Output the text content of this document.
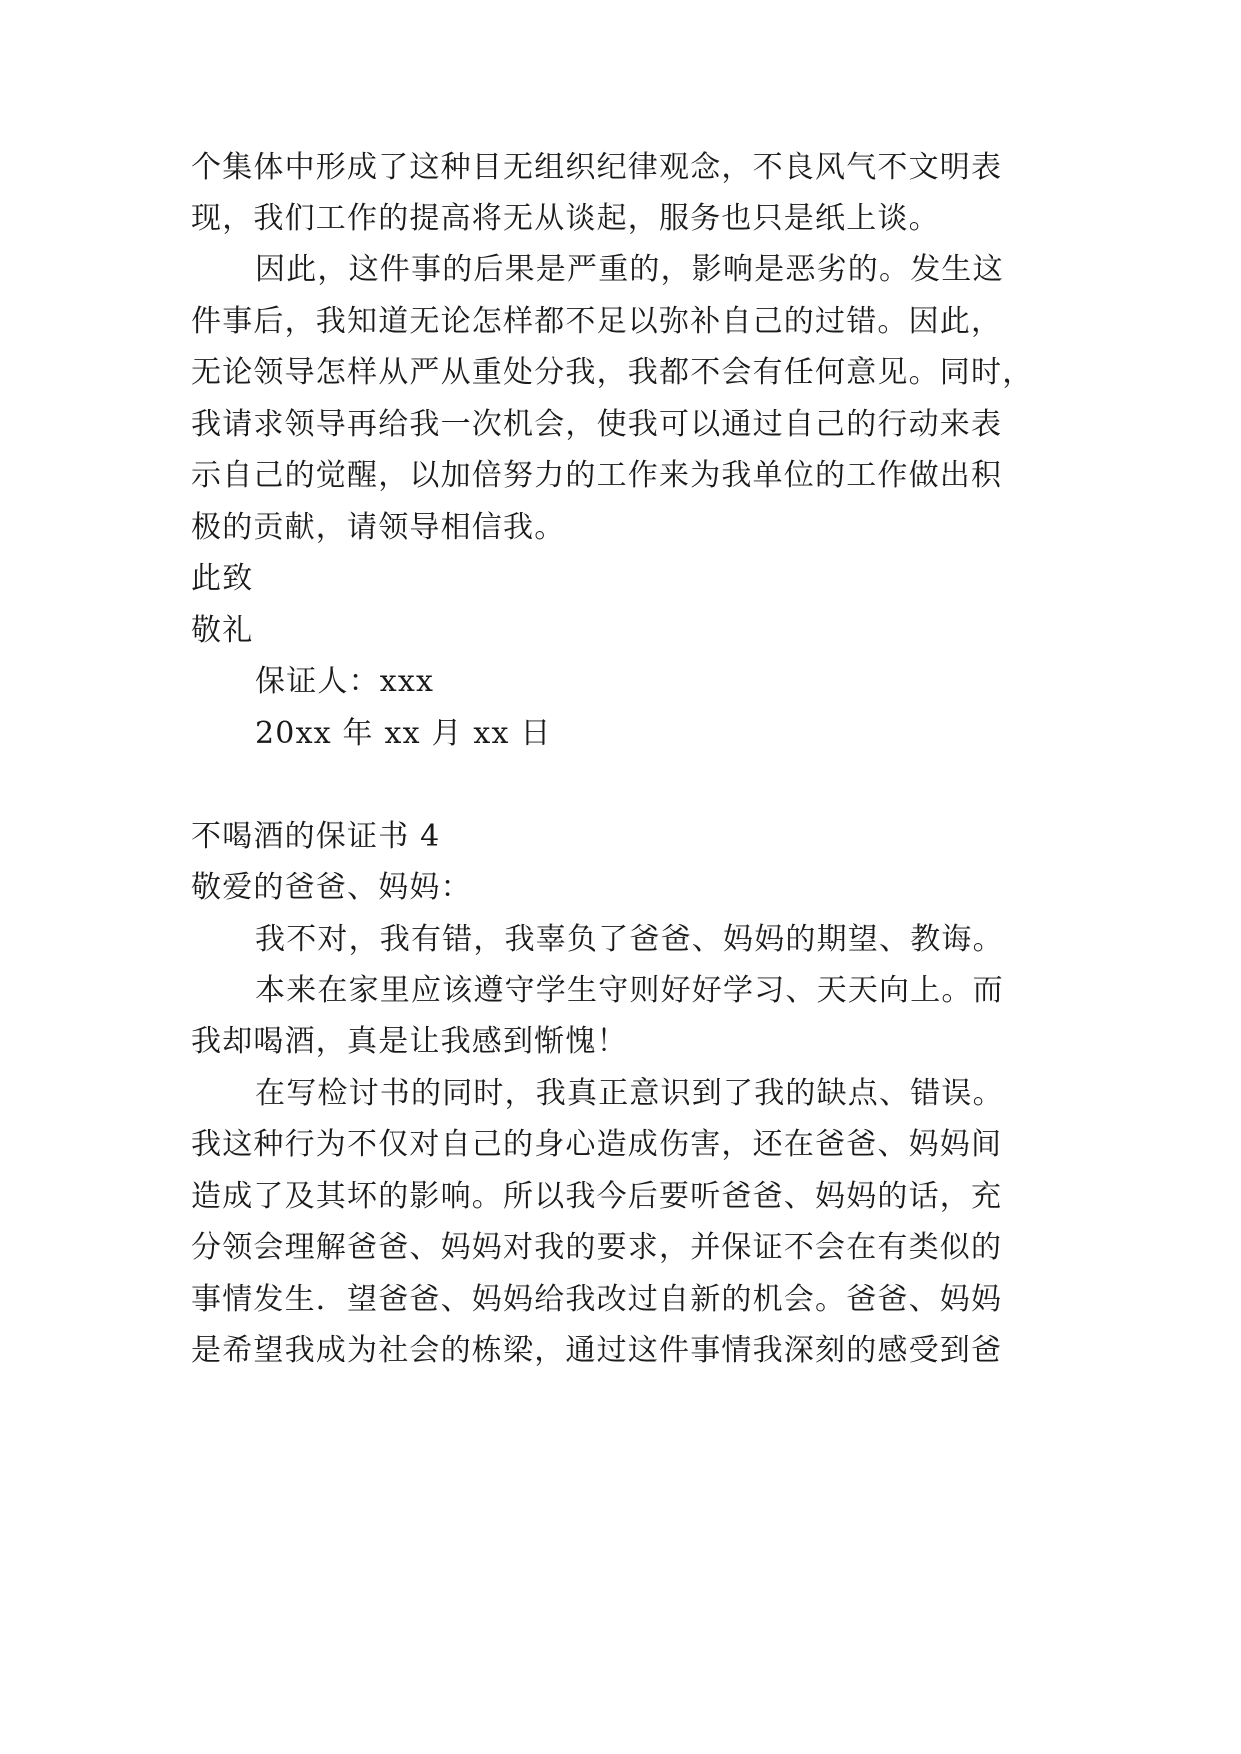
个集体中形成了这种目无组织纪律观念，不良风气不文明表
现，我们工作的提高将无从谈起，服务也只是纸上谈。
因此，这件事的后果是严重的，影响是恶劣的。发生这
件事后，我知道无论怎样都不足以弥补自己的过错。因此，
无论领导怎样从严从重处分我，我都不会有任何意见。同时，
我请求领导再给我一次机会，使我可以通过自己的行动来表
示自己的觉醒，以加倍努力的工作来为我单位的工作做出积
极的贡献，请领导相信我。
此致
敬礼
保证人：xxx
20xx 年 xx 月 xx 日
不喝酒的保证书 4
敬爱的爸爸、妈妈：
我不对，我有错，我辜负了爸爸、妈妈的期望、教诲。
本来在家里应该遵守学生守则好好学习、天天向上。而
我却喝酒，真是让我感到惭愧！
在写检讨书的同时，我真正意识到了我的缺点、错误。
我这种行为不仅对自己的身心造成伤害，还在爸爸、妈妈间
造成了及其坏的影响。所以我今后要听爸爸、妈妈的话，充
分领会理解爸爸、妈妈对我的要求，并保证不会在有类似的
事情发生．望爸爸、妈妈给我改过自新的机会。爸爸、妈妈
是希望我成为社会的栋梁，通过这件事情我深刻的感受到爸
